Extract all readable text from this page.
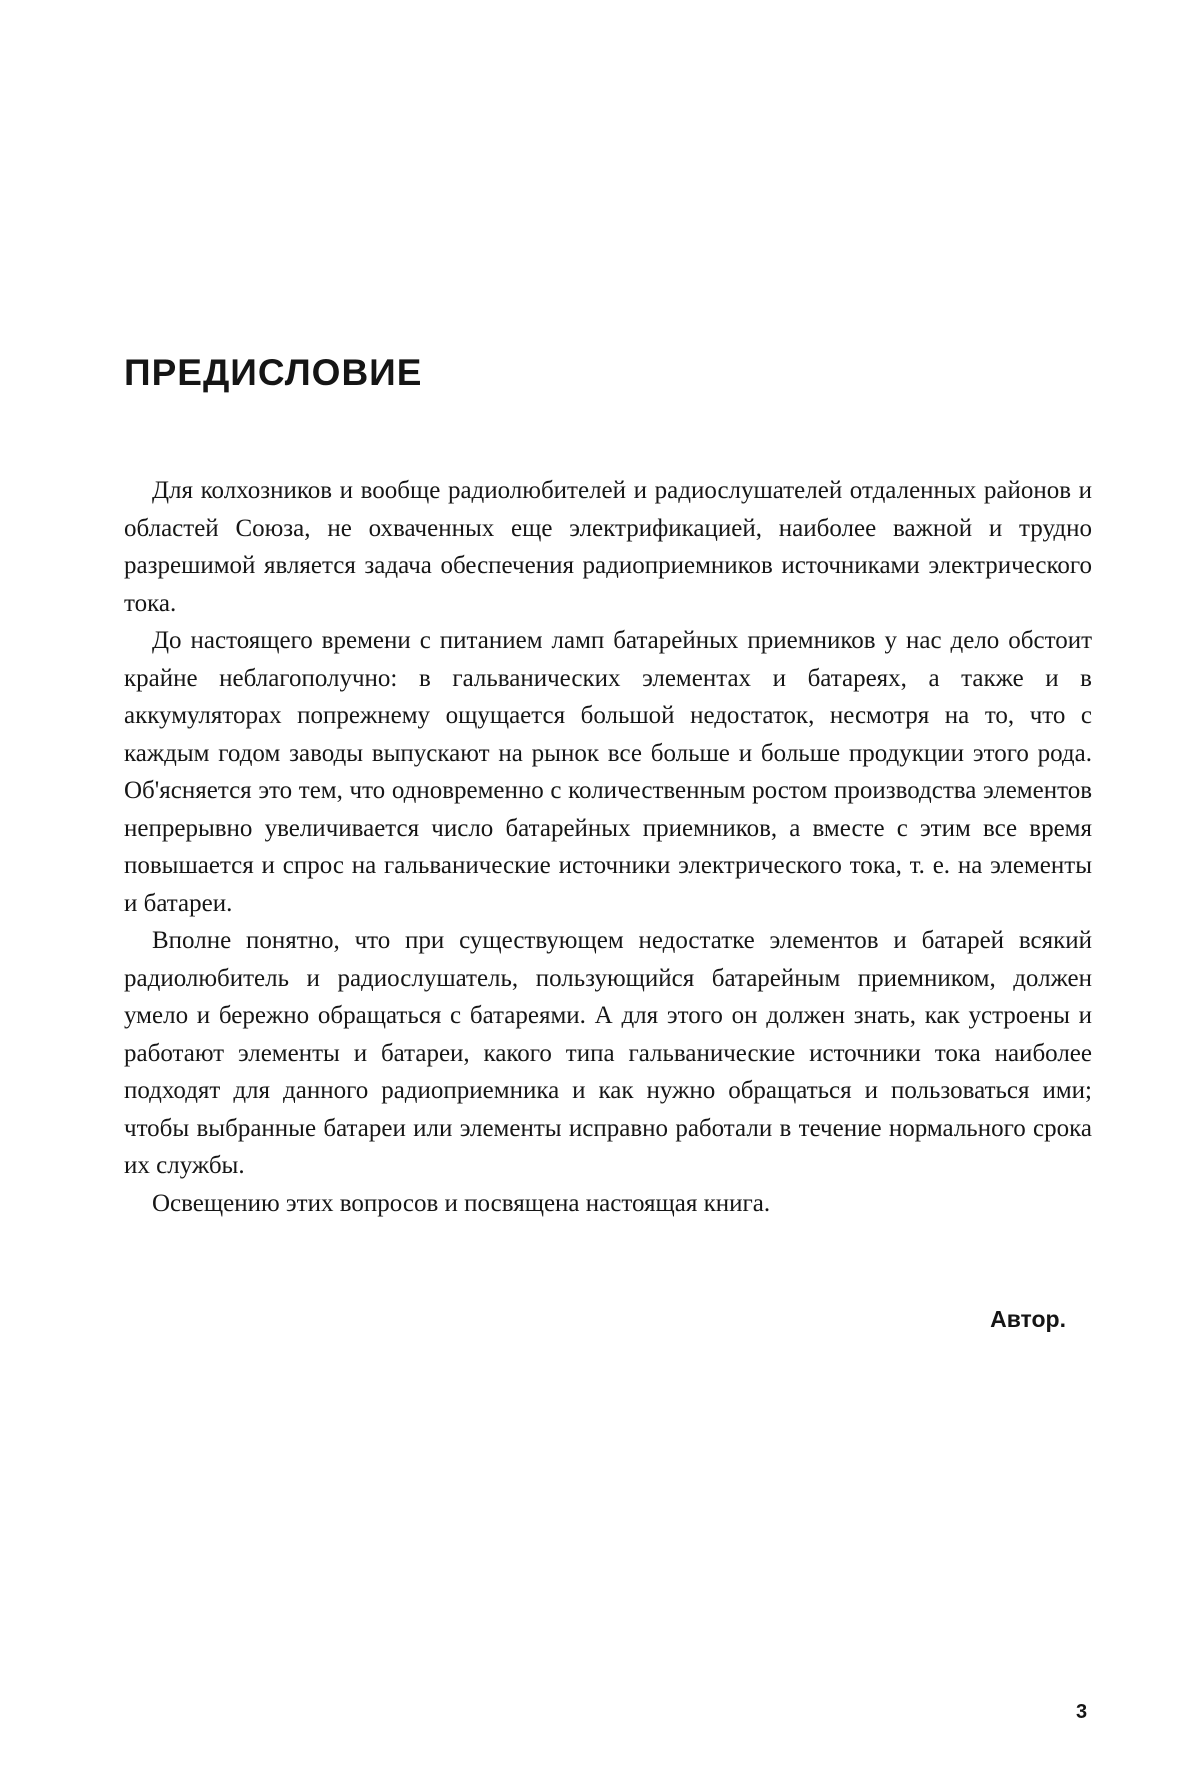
ПРЕДИСЛОВИЕ

Для колхозников и вообще радиолюбителей и радиослушателей отдаленных районов и областей Союза, не охваченных еще электрификацией, наиболее важной и трудно разрешимой является задача обеспечения радиоприемников источниками электрического тока.

До настоящего времени с питанием ламп батарейных приемников у нас дело обстоит крайне неблагополучно: в гальванических элементах и батареях, а также и в аккумуляторах попрежнему ощущается большой недостаток, несмотря на то, что с каждым годом заводы выпускают на рынок все больше и больше продукции этого рода. Об'ясняется это тем, что одновременно с количественным ростом производства элементов непрерывно увеличивается число батарейных приемников, а вместе с этим все время повышается и спрос на гальванические источники электрического тока, т. е. на элементы и батареи.

Вполне понятно, что при существующем недостатке элементов и батарей всякий радиолюбитель и радиослушатель, пользующийся батарейным приемником, должен умело и бережно обращаться с батареями. А для этого он должен знать, как устроены и работают элементы и батареи, какого типа гальванические источники тока наиболее подходят для данного радиоприемника и как нужно обращаться и пользоваться ими; чтобы выбранные батареи или элементы исправно работали в течение нормального срока их службы.

Освещению этих вопросов и посвящена настоящая книга.

Автор.

3
